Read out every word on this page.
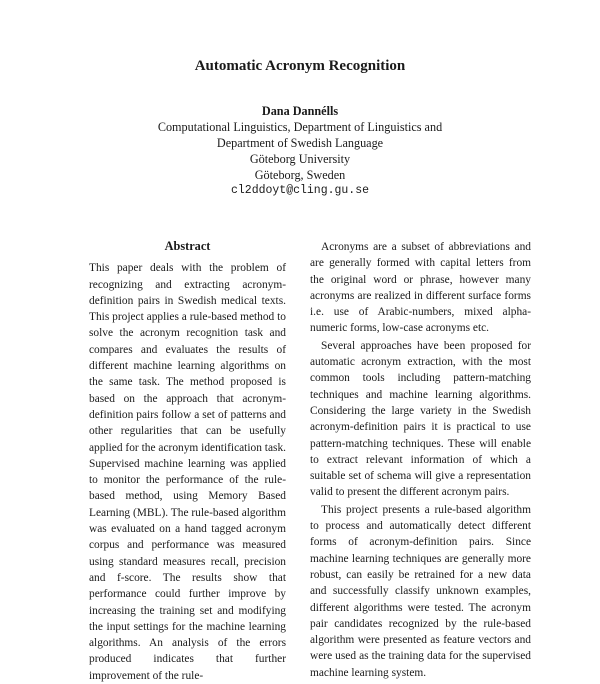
Automatic Acronym Recognition
Dana Dannélls
Computational Linguistics, Department of Linguistics and
Department of Swedish Language
Göteborg University
Göteborg, Sweden
cl2ddoyt@cling.gu.se
Abstract

This paper deals with the problem of recognizing and extracting acronym-definition pairs in Swedish medical texts. This project applies a rule-based method to solve the acronym recognition task and compares and evaluates the results of different machine learning algorithms on the same task. The method proposed is based on the approach that acronym-definition pairs follow a set of patterns and other regularities that can be usefully applied for the acronym identification task. Supervised machine learning was applied to monitor the performance of the rule-based method, using Memory Based Learning (MBL). The rule-based algorithm was evaluated on a hand tagged acronym corpus and performance was measured using standard measures recall, precision and f-score. The results show that performance could further improve by increasing the training set and modifying the input settings for the machine learning algorithms. An analysis of the errors produced indicates that further improvement of the rule-

Acronyms are a subset of abbreviations and are generally formed with capital letters from the original word or phrase, however many acronyms are realized in different surface forms i.e. use of Arabic-numbers, mixed alpha-numeric forms, low-case acronyms etc.

Several approaches have been proposed for automatic acronym extraction, with the most common tools including pattern-matching techniques and machine learning algorithms. Considering the large variety in the Swedish acronym-definition pairs it is practical to use pattern-matching techniques. These will enable to extract relevant information of which a suitable set of schema will give a representation valid to present the different acronym pairs.

This project presents a rule-based algorithm to process and automatically detect different forms of acronym-definition pairs. Since machine learning techniques are generally more robust, can easily be retrained for a new data and successfully classify unknown examples, different algorithms were tested. The acronym pair candidates recognized by the rule-based algorithm were presented as feature vectors and were used as the training data for the supervised machine learning system.
